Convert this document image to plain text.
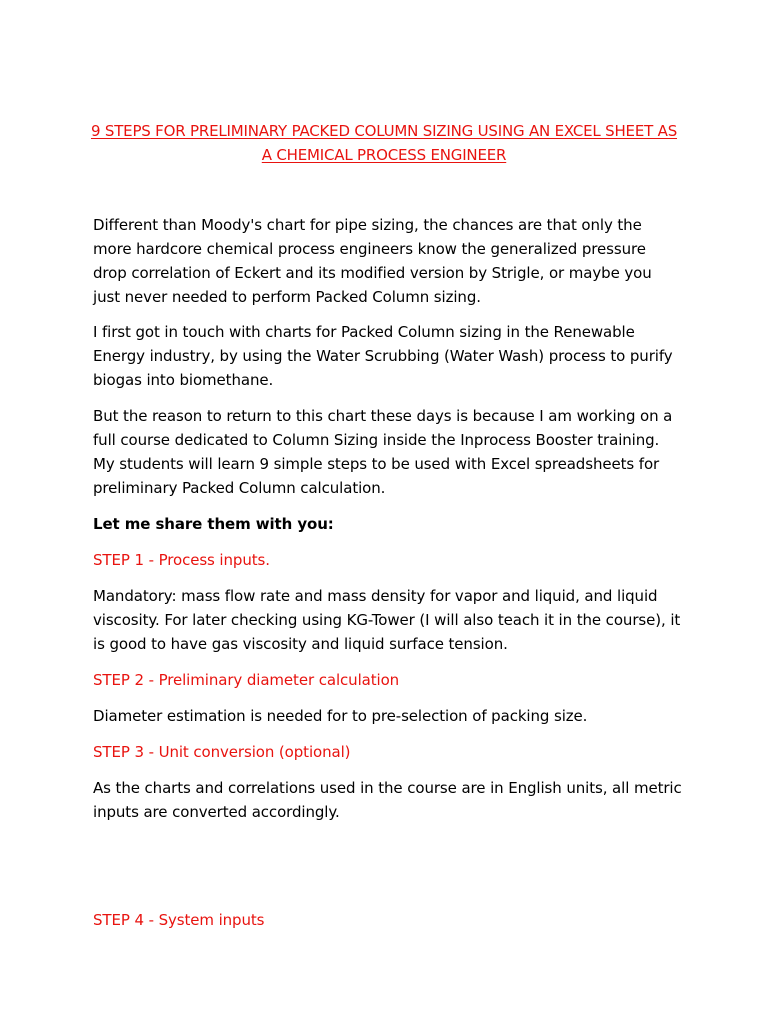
9 STEPS FOR PRELIMINARY PACKED COLUMN SIZING USING AN EXCEL SHEET AS A CHEMICAL PROCESS ENGINEER

Different than Moody's chart for pipe sizing, the chances are that only the more hardcore chemical process engineers know the generalized pressure drop correlation of Eckert and its modified version by Strigle, or maybe you just never needed to perform Packed Column sizing.

I first got in touch with charts for Packed Column sizing in the Renewable Energy industry, by using the Water Scrubbing (Water Wash) process to purify biogas into biomethane.

But the reason to return to this chart these days is because I am working on a full course dedicated to Column Sizing inside the Inprocess Booster training. My students will learn 9 simple steps to be used with Excel spreadsheets for preliminary Packed Column calculation.

Let me share them with you:

STEP 1 - Process inputs.

Mandatory: mass flow rate and mass density for vapor and liquid, and liquid viscosity. For later checking using KG-Tower (I will also teach it in the course), it is good to have gas viscosity and liquid surface tension.

STEP 2 - Preliminary diameter calculation

Diameter estimation is needed for to pre-selection of packing size.

STEP 3 - Unit conversion (optional)

As the charts and correlations used in the course are in English units, all metric inputs are converted accordingly.

STEP 4 - System inputs
